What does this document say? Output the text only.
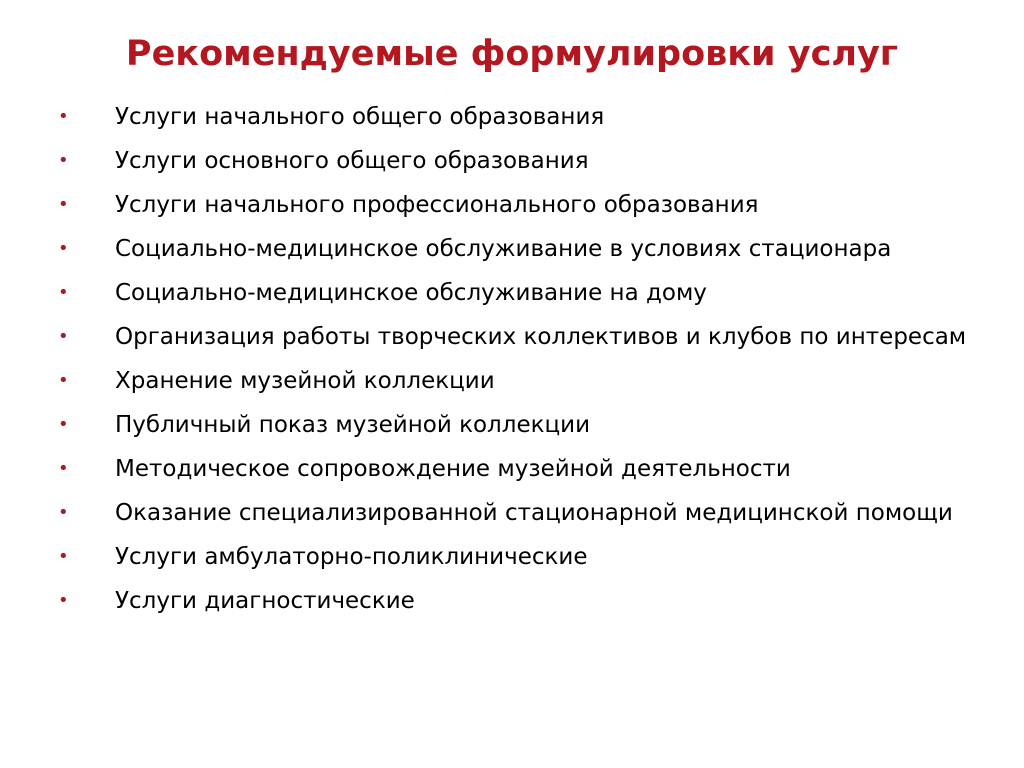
Рекомендуемые формулировки услуг
•	Услуги начального общего образования
•	Услуги основного общего образования
•	Услуги начального профессионального образования
•	Социально-медицинское обслуживание в условиях стационара
•	Социально-медицинское обслуживание на дому
•	Организация работы творческих коллективов и клубов по интересам
•	Хранение музейной коллекции
•	Публичный показ музейной коллекции
•	Методическое сопровождение музейной деятельности
•	Оказание специализированной стационарной медицинской помощи
•	Услуги амбулаторно-поликлинические
•	Услуги диагностические
